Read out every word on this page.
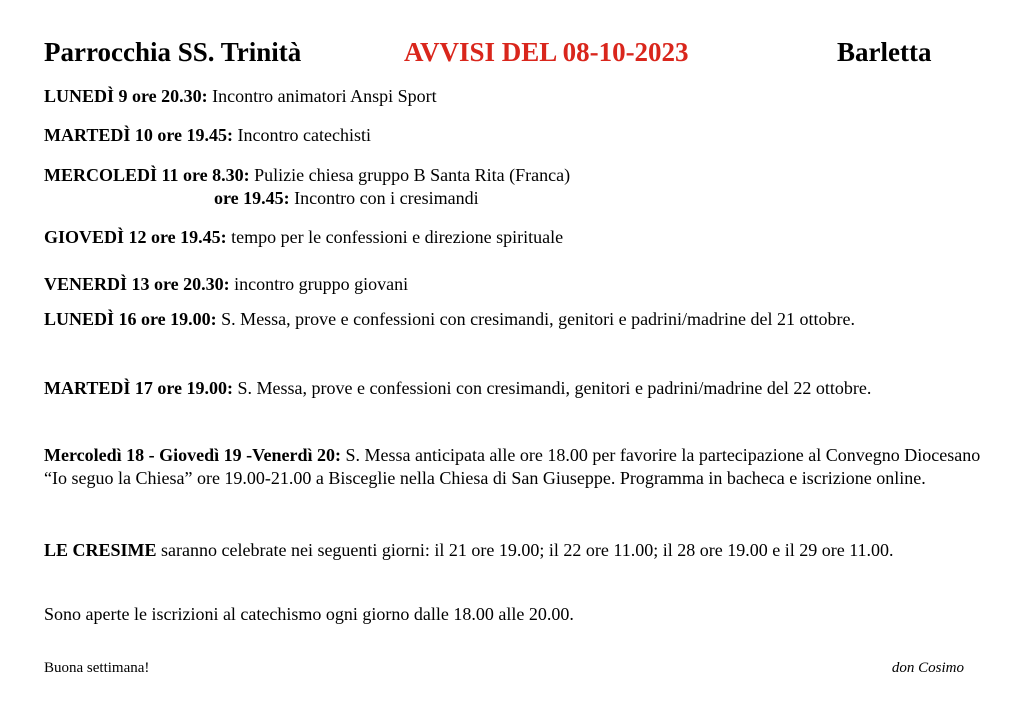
Parrocchia SS. Trinità	AVVISI DEL 08-10-2023	Barletta
LUNEDÌ 9 ore 20.30: Incontro animatori Anspi Sport
MARTEDÌ 10 ore 19.45: Incontro catechisti
MERCOLEDÌ 11 ore 8.30: Pulizie chiesa gruppo B Santa Rita (Franca)
ore 19.45: Incontro con i cresimandi
GIOVEDÌ 12 ore 19.45: tempo per le confessioni e direzione spirituale
VENERDÌ 13 ore 20.30: incontro gruppo giovani
LUNEDÌ 16 ore 19.00: S. Messa, prove e confessioni con cresimandi, genitori e padrini/madrine del 21 ottobre.
MARTEDÌ 17 ore 19.00: S. Messa, prove e confessioni con cresimandi, genitori e padrini/madrine del 22 ottobre.
Mercoledì 18 - Giovedì 19 -Venerdì 20: S. Messa anticipata alle ore 18.00 per favorire la partecipazione al Convegno Diocesano “Io seguo la Chiesa” ore 19.00-21.00 a Bisceglie nella Chiesa di San Giuseppe. Programma in bacheca e iscrizione online.
LE CRESIME saranno celebrate nei seguenti giorni: il 21 ore 19.00; il 22 ore 11.00; il 28 ore 19.00 e il 29 ore 11.00.
Sono aperte le iscrizioni al catechismo ogni giorno dalle 18.00 alle 20.00.
Buona settimana!	don Cosimo
